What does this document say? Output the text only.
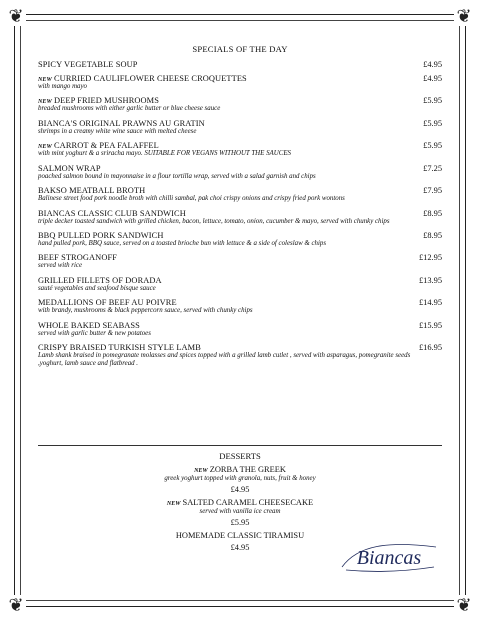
❦	❦
❦	❦
SPECIALS OF THE DAY
SPICY VEGETABLE SOUP	£4.95
NEW CURRIED CAULIFLOWER CHEESE CROQUETTES	£4.95
with mango mayo
NEW DEEP FRIED MUSHROOMS	£5.95
breaded mushrooms with either garlic butter or blue cheese sauce
BIANCA'S ORIGINAL PRAWNS AU GRATIN	£5.95
shrimps in a creamy white wine sauce with melted cheese
NEW CARROT & PEA FALAFFEL	£5.95
with mint yoghurt & a sriracha mayo. SUITABLE FOR VEGANS WITHOUT THE SAUCES
SALMON WRAP	£7.25
poached salmon bound in mayonnaise in a flour tortilla wrap, served with a salad garnish and chips
BAKSO MEATBALL BROTH	£7.95
Balinese street food pork noodle broth with chilli sambal, pak choi crispy onions and crispy fried pork wontons
BIANCAS CLASSIC CLUB SANDWICH	£8.95
triple decker toasted sandwich with grilled chicken, bacon, lettuce, tomato, onion, cucumber & mayo, served with chunky chips
BBQ PULLED PORK SANDWICH	£8.95
hand pulled pork, BBQ sauce, served on a toasted brioche bun with lettuce & a side of coleslaw & chips
BEEF STROGANOFF	£12.95
served with rice
GRILLED FILLETS OF DORADA	£13.95
sauté vegetables and seafood bisque sauce
MEDALLIONS OF BEEF AU POIVRE	£14.95
with brandy, mushrooms & black peppercorn sauce, served with chunky chips
WHOLE BAKED SEABASS	£15.95
served with garlic butter & new potatoes
CRISPY BRAISED TURKISH STYLE LAMB	£16.95
Lamb shank braised in pomegranate molasses and spices topped with a grilled lamb cutlet , served with asparagus, pomegranite seeds ,yoghurt, lamb sauce and flatbread .
DESSERTS
NEW ZORBA THE GREEK
greek yoghurt topped with granola, nuts, fruit & honey
£4.95
NEW SALTED CARAMEL CHEESECAKE
served with vanilla ice cream
£5.95
HOMEMADE CLASSIC TIRAMISU
£4.95	Biancas
